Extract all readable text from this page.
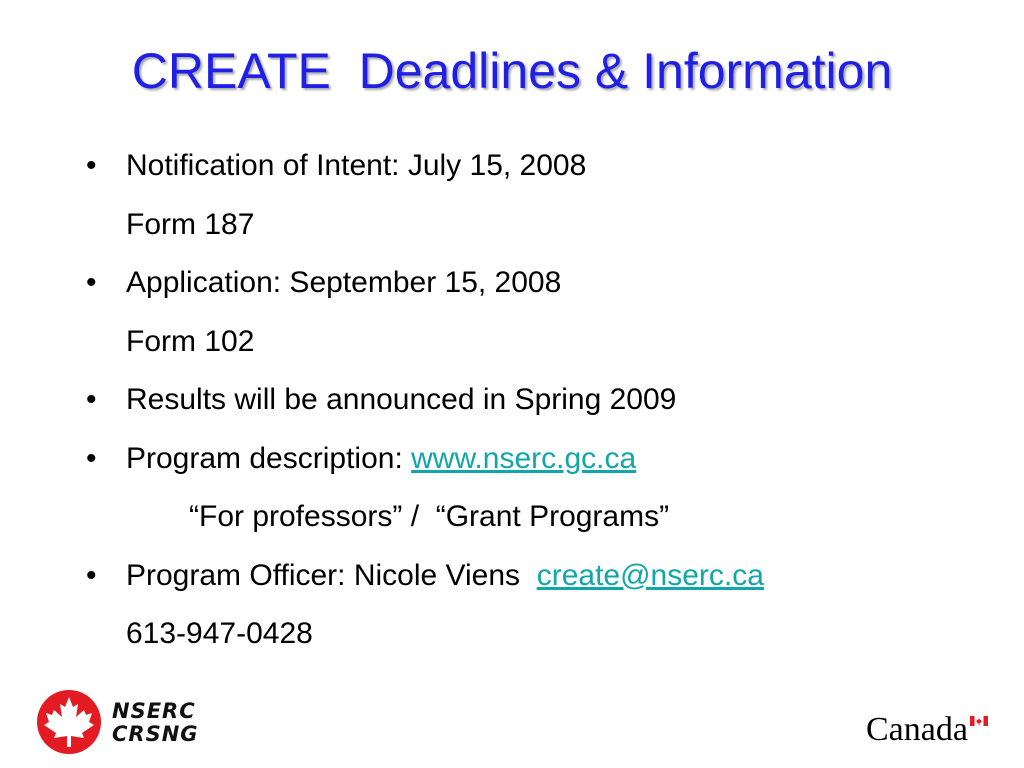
CREATE  Deadlines & Information

•

Notification of Intent: July 15, 2008

Form 187

•

Application: September 15, 2008

Form 102

•

Results will be announced in Spring 2009

•

Program description: www.nserc.gc.ca

“For professors” /  “Grant Programs”

•

Program Officer: Nicole Viens  create@nserc.ca

613-947-0428

NSERC
CRSNG	Canada
